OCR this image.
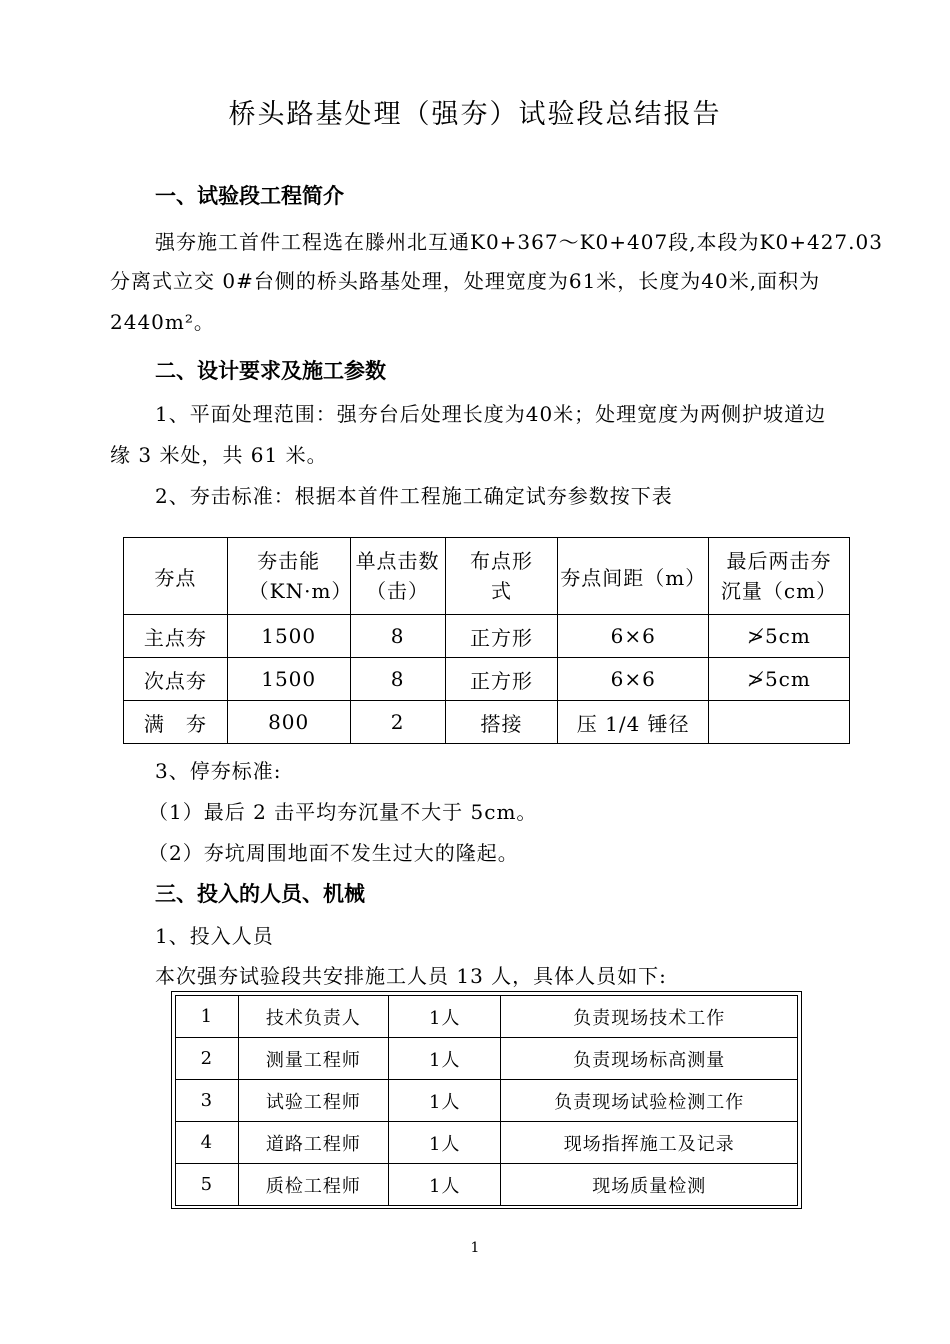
桥头路基处理（强夯）试验段总结报告
一、试验段工程简介
强夯施工首件工程选在滕州北互通K0+367～K0+407段,本段为K0+427.03
分离式立交 0#台侧的桥头路基处理，处理宽度为61米，长度为40米,面积为
2440m²。
二、设计要求及施工参数
1、平面处理范围：强夯台后处理长度为40米；处理宽度为两侧护坡道边
缘 3 米处，共 61 米。
2、夯击标准：根据本首件工程施工确定试夯参数按下表
夯点	夯击能（KN·m）	单点击数（击）	布点形式	夯点间距（m）	最后两击夯沉量（cm）

主点夯	1500	8	正方形	6×6	≯5cm
次点夯	1500	8	正方形	6×6	≯5cm
满　夯	800	2	搭接	压 1/4 锤径	
3、停夯标准:
（1）最后 2 击平均夯沉量不大于 5cm。
（2）夯坑周围地面不发生过大的隆起。
三、投入的人员、机械
1、投入人员
本次强夯试验段共安排施工人员 13 人，具体人员如下:
1	技术负责人	1人	负责现场技术工作
2	测量工程师	1人	负责现场标高测量
3	试验工程师	1人	负责现场试验检测工作
4	道路工程师	1人	现场指挥施工及记录
5	质检工程师	1人	现场质量检测
1
